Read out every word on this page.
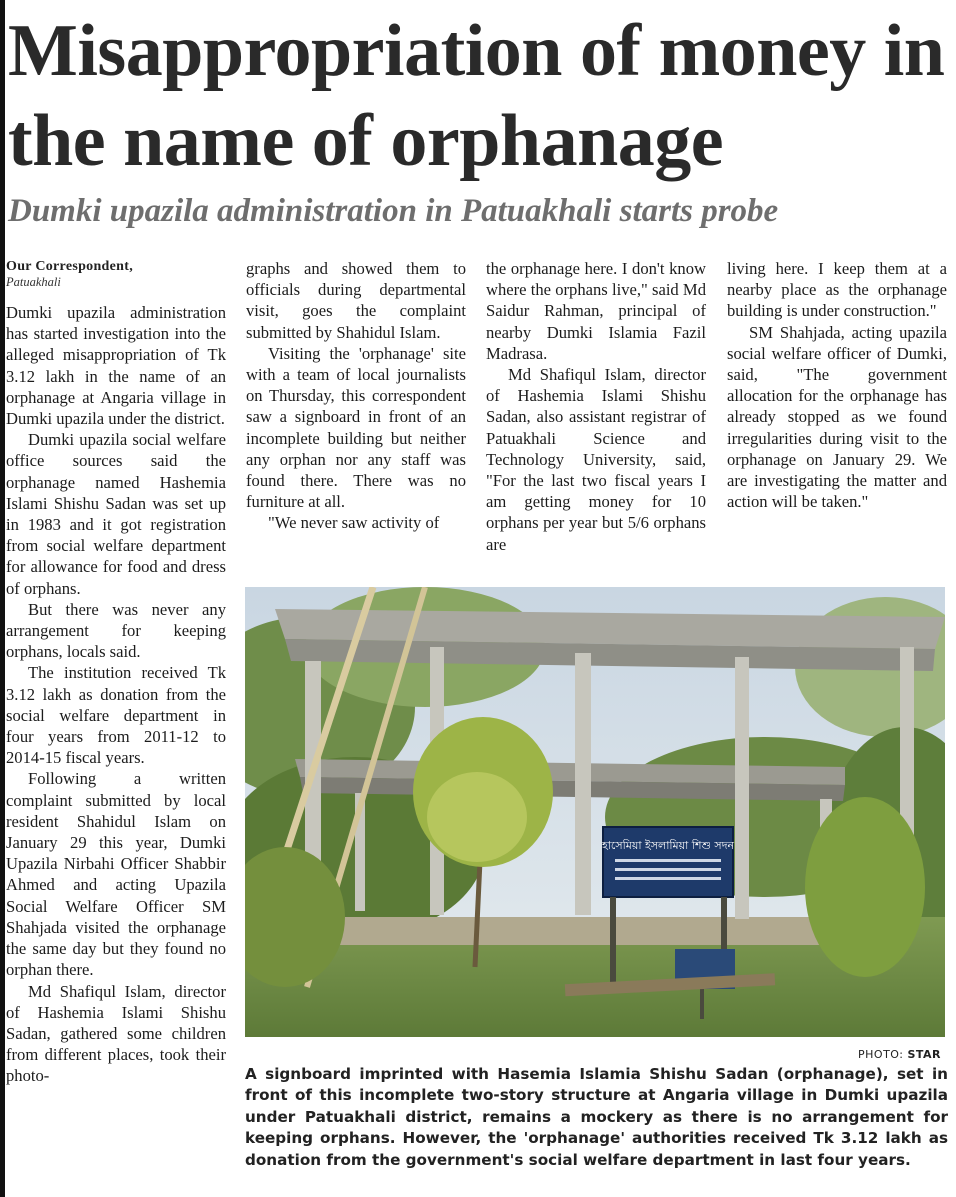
Misappropriation of money in the name of orphanage
Dumki upazila administration in Patuakhali starts probe
Our Correspondent,
Patuakhali

Dumki upazila administration has started investigation into the alleged misappropriation of Tk 3.12 lakh in the name of an orphanage at Angaria village in Dumki upazila under the district.

Dumki upazila social welfare office sources said the orphanage named Hashemia Islami Shishu Sadan was set up in 1983 and it got registration from social welfare department for allowance for food and dress of orphans.

But there was never any arrangement for keeping orphans, locals said.

The institution received Tk 3.12 lakh as donation from the social welfare department in four years from 2011-12 to 2014-15 fiscal years.

Following a written complaint submitted by local resident Shahidul Islam on January 29 this year, Dumki Upazila Nirbahi Officer Shabbir Ahmed and acting Upazila Social Welfare Officer SM Shahjada visited the orphanage the same day but they found no orphan there.

Md Shafiqul Islam, director of Hashemia Islami Shishu Sadan, gathered some children from different places, took their photo-

graphs and showed them to officials during departmental visit, goes the complaint submitted by Shahidul Islam.

Visiting the 'orphanage' site with a team of local journalists on Thursday, this correspondent saw a signboard in front of an incomplete building but neither any orphan nor any staff was found there. There was no furniture at all.

"We never saw activity of

the orphanage here. I don't know where the orphans live," said Md Saidur Rahman, principal of nearby Dumki Islamia Fazil Madrasa.

Md Shafiqul Islam, director of Hashemia Islami Shishu Sadan, also assistant registrar of Patuakhali Science and Technology University, said, "For the last two fiscal years I am getting money for 10 orphans per year but 5/6 orphans are

living here. I keep them at a nearby place as the orphanage building is under construction."

SM Shahjada, acting upazila social welfare officer of Dumki, said, "The government allocation for the orphanage has already stopped as we found irregularities during visit to the orphanage on January 29. We are investigating the matter and action will be taken."

হাসেমিয়া ইসলামিয়া শিশু সদন
PHOTO: STAR
A signboard imprinted with Hasemia Islamia Shishu Sadan (orphanage), set in front of this incomplete two-story structure at Angaria village in Dumki upazila under Patuakhali district, remains a mockery as there is no arrangement for keeping orphans. However, the 'orphanage' authorities received Tk 3.12 lakh as donation from the government's social welfare department in last four years.
